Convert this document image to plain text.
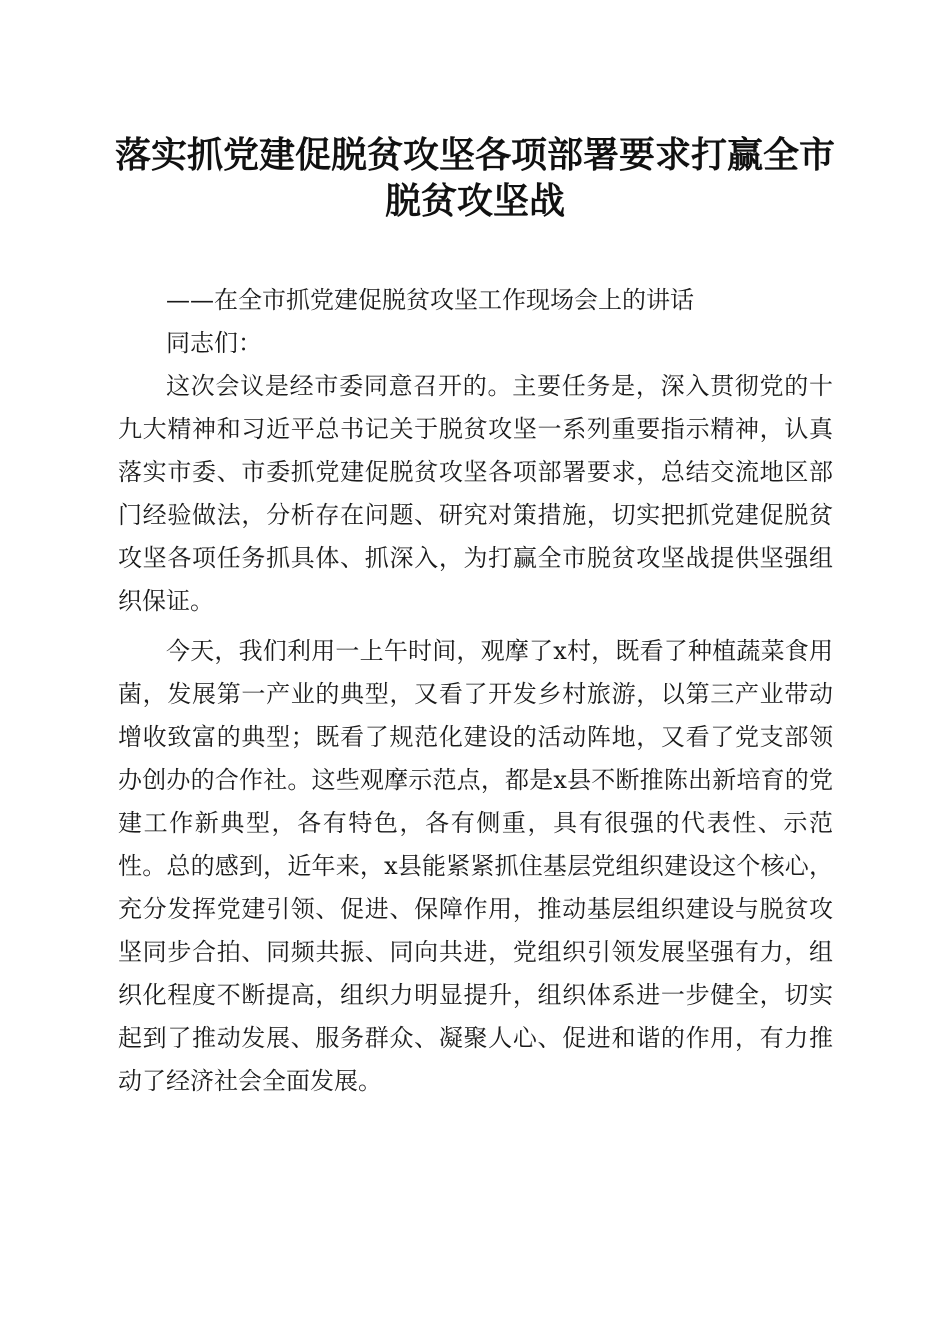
落实抓党建促脱贫攻坚各项部署要求打赢全市
脱贫攻坚战

——在全市抓党建促脱贫攻坚工作现场会上的讲话

同志们：

这次会议是经市委同意召开的。主要任务是，深入贯彻党的十九大精神和习近平总书记关于脱贫攻坚一系列重要指示精神，认真落实市委、市委抓党建促脱贫攻坚各项部署要求，总结交流地区部门经验做法，分析存在问题、研究对策措施，切实把抓党建促脱贫攻坚各项任务抓具体、抓深入，为打赢全市脱贫攻坚战提供坚强组织保证。

今天，我们利用一上午时间，观摩了x村，既看了种植蔬菜食用菌，发展第一产业的典型，又看了开发乡村旅游，以第三产业带动增收致富的典型；既看了规范化建设的活动阵地，又看了党支部领办创办的合作社。这些观摩示范点，都是x县不断推陈出新培育的党建工作新典型，各有特色，各有侧重，具有很强的代表性、示范性。总的感到，近年来，x县能紧紧抓住基层党组织建设这个核心，充分发挥党建引领、促进、保障作用，推动基层组织建设与脱贫攻坚同步合拍、同频共振、同向共进，党组织引领发展坚强有力，组织化程度不断提高，组织力明显提升，组织体系进一步健全，切实起到了推动发展、服务群众、凝聚人心、促进和谐的作用，有力推动了经济社会全面发展。
